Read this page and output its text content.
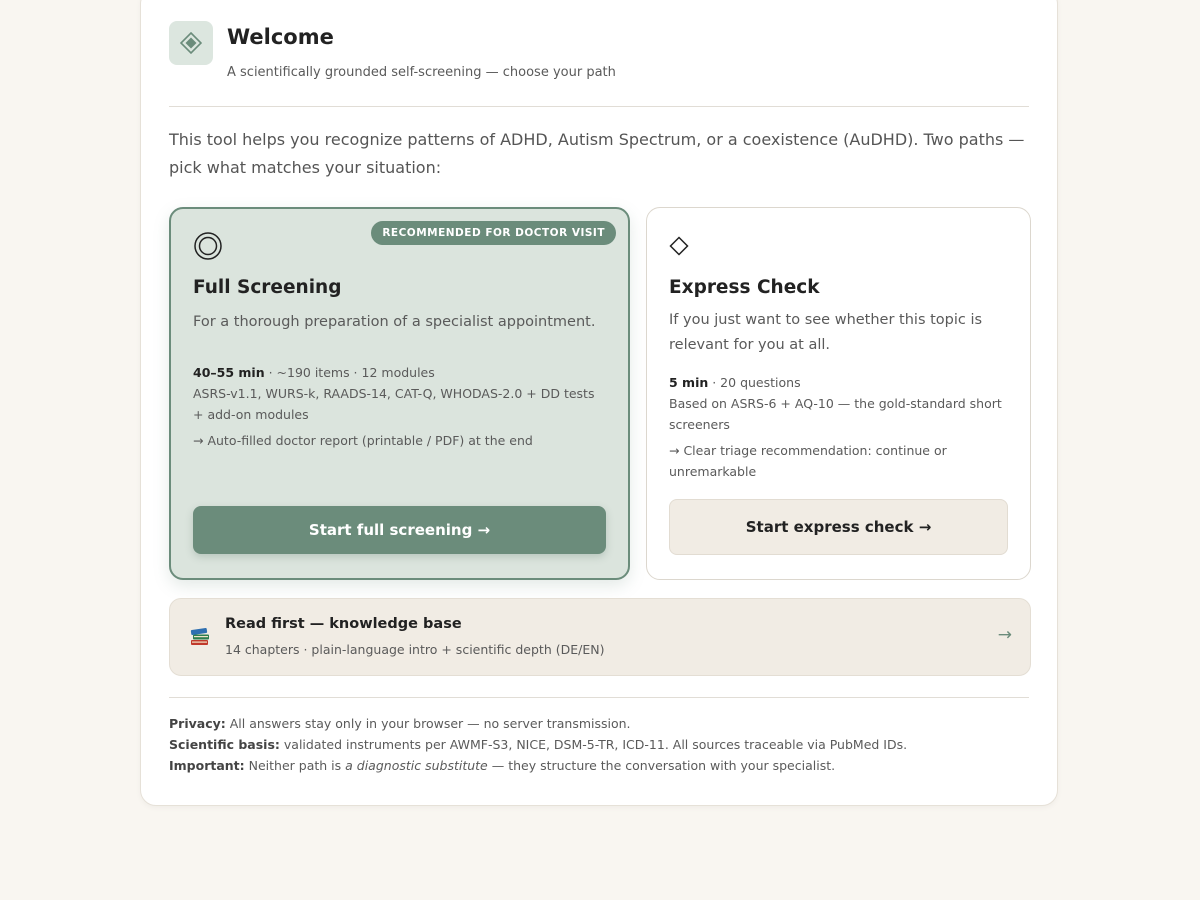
Welcome
A scientifically grounded self-screening — choose your path

This tool helps you recognize patterns of ADHD, Autism Spectrum, or a coexistence (AuDHD). Two paths — pick what matches your situation:

RECOMMENDED FOR DOCTOR VISIT
Full Screening
For a thorough preparation of a specialist appointment.
40–55 min · ~190 items · 12 modules
ASRS-v1.1, WURS-k, RAADS-14, CAT-Q, WHODAS-2.0 + DD tests + add-on modules
→ Auto-filled doctor report (printable / PDF) at the end
Start full screening →
Express Check
If you just want to see whether this topic is relevant for you at all.
5 min · 20 questions
Based on ASRS-6 + AQ-10 — the gold-standard short screeners
→ Clear triage recommendation: continue or unremarkable
Start express check →
Read first — knowledge base
14 chapters · plain-language intro + scientific depth (DE/EN)
→
Privacy: All answers stay only in your browser — no server transmission.
Scientific basis: validated instruments per AWMF-S3, NICE, DSM-5-TR, ICD-11. All sources traceable via PubMed IDs.
Important: Neither path is a diagnostic substitute — they structure the conversation with your specialist.
